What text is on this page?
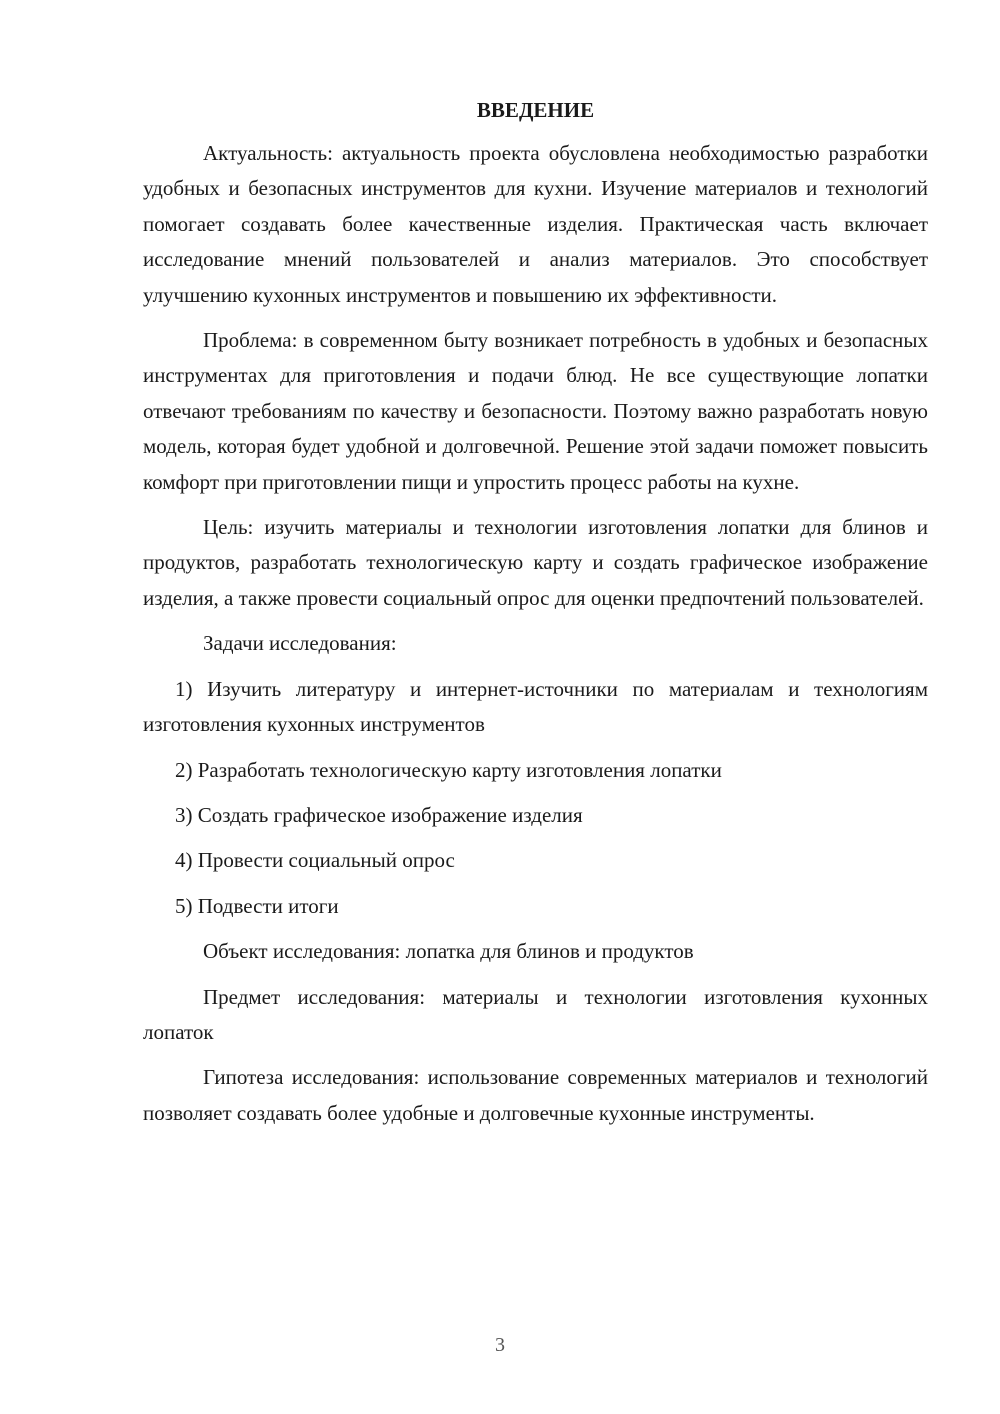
ВВЕДЕНИЕ

Актуальность: актуальность проекта обусловлена необходимостью разработки удобных и безопасных инструментов для кухни. Изучение материалов и технологий помогает создавать более качественные изделия. Практическая часть включает исследование мнений пользователей и анализ материалов. Это способствует улучшению кухонных инструментов и повышению их эффективности.

Проблема: в современном быту возникает потребность в удобных и безопасных инструментах для приготовления и подачи блюд. Не все существующие лопатки отвечают требованиям по качеству и безопасности. Поэтому важно разработать новую модель, которая будет удобной и долговечной. Решение этой задачи поможет повысить комфорт при приготовлении пищи и упростить процесс работы на кухне.

Цель: изучить материалы и технологии изготовления лопатки для блинов и продуктов, разработать технологическую карту и создать графическое изображение изделия, а также провести социальный опрос для оценки предпочтений пользователей.

Задачи исследования:

1) Изучить литературу и интернет-источники по материалам и технологиям изготовления кухонных инструментов

2) Разработать технологическую карту изготовления лопатки

3) Создать графическое изображение изделия

4) Провести социальный опрос

5) Подвести итоги

Объект исследования: лопатка для блинов и продуктов

Предмет исследования: материалы и технологии изготовления кухонных лопаток

Гипотеза исследования: использование современных материалов и технологий позволяет создавать более удобные и долговечные кухонные инструменты.

3
